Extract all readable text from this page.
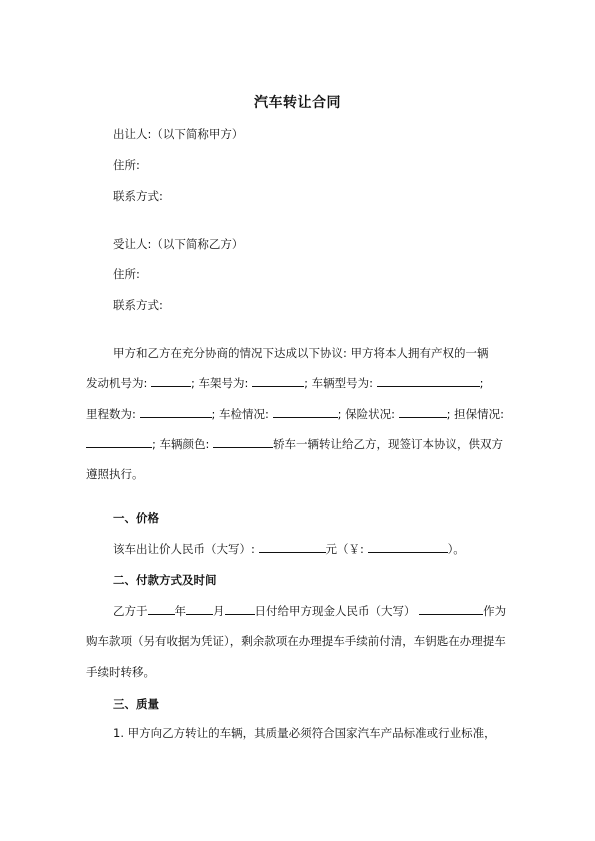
汽车转让合同
出让人:（以下简称甲方）
住所:
联系方式:
受让人:（以下简称乙方）
住所:
联系方式:
甲方和乙方在充分协商的情况下达成以下协议: 甲方将本人拥有产权的一辆
发动机号为:	; 车架号为:	; 车辆型号为:	;
里程数为:	; 车检情况:	; 保险状况:	; 担保情况: ; 车辆颜色:	轿车一辆转让给乙方，现签订本协议，供双方遵照执行。
一、价格
该车出让价人民币（大写）:	元（￥:	）。
二、付款方式及时间
乙方于 年 月	日付给甲方现金人民币（大写）	作为购车款项（另有收据为凭证），剩余款项在办理提车手续前付清，车钥匙在办理提车手续时转移。
三、质量
1. 甲方向乙方转让的车辆，其质量必须符合国家汽车产品标准或行业标准，
